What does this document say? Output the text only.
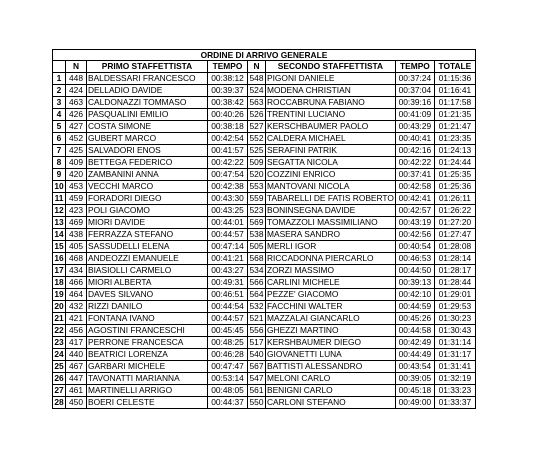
ORDINE DI ARRIVO GENERALE							
	N	PRIMO STAFFETTISTA	TEMPO	N	SECONDO STAFFETTISTA	TEMPO	TOTALE
1	448	BALDESSARI FRANCESCO	00:38:12	548	PIGONI DANIELE	00:37:24	01:15:36
2	424	DELLADIO DAVIDE	00:39:37	524	MODENA CHRISTIAN	00:37:04	01:16:41
3	463	CALDONAZZI TOMMASO	00:38:42	563	ROCCABRUNA FABIANO	00:39:16	01:17:58
4	426	PASQUALINI EMILIO	00:40:26	526	TRENTINI LUCIANO	00:41:09	01:21:35
5	427	COSTA SIMONE	00:38:18	527	KERSCHBAUMER PAOLO	00:43:29	01:21:47
6	452	GUBERT MARCO	00:42:54	552	CALDERA MICHAEL	00:40:41	01:23:35
7	425	SALVADORI ENOS	00:41:57	525	SERAFINI PATRIK	00:42:16	01:24:13
8	409	BETTEGA FEDERICO	00:42:22	509	SEGATTA NICOLA	00:42:22	01:24:44
9	420	ZAMBANINI ANNA	00:47:54	520	COZZINI ENRICO	00:37:41	01:25:35
10	453	VECCHI MARCO	00:42:38	553	MANTOVANI NICOLA	00:42:58	01:25:36
11	459	FORADORI DIEGO	00:43:30	559	TABARELLI DE FATIS ROBERTO	00:42:41	01:26:11
12	423	POLI GIACOMO	00:43:25	523	BONINSEGNA DAVIDE	00:42:57	01:26:22
13	469	MIORI DAVIDE	00:44:01	569	TOMAZZOLI MASSIMILIANO	00:43:19	01:27:20
14	438	FERRAZZA STEFANO	00:44:57	538	MASERA SANDRO	00:42:56	01:27:47
15	405	SASSUDELLI ELENA	00:47:14	505	MERLI IGOR	00:40:54	01:28:08
16	468	ANDEOZZI EMANUELE	00:41:21	568	RICCADONNA PIERCARLO	00:46:53	01:28:14
17	434	BIASIOLLI CARMELO	00:43:27	534	ZORZI MASSIMO	00:44:50	01:28:17
18	466	MIORI ALBERTA	00:49:31	566	CARLINI MICHELE	00:39:13	01:28:44
19	464	DAVES SILVANO	00:46:51	564	PEZZE' GIACOMO	00:42:10	01:29:01
20	432	RIZZI DANILO	00:44:54	532	FACCHINI WALTER	00:44:59	01:29:53
21	421	FONTANA IVANO	00:44:57	521	MAZZALAI GIANCARLO	00:45:26	01:30:23
22	456	AGOSTINI FRANCESCHI	00:45:45	556	GHEZZI MARTINO	00:44:58	01:30:43
23	417	PERRONE FRANCESCA	00:48:25	517	KERSHBAUMER DIEGO	00:42:49	01:31:14
24	440	BEATRICI LORENZA	00:46:28	540	GIOVANETTI LUNA	00:44:49	01:31:17
25	467	GARBARI MICHELE	00:47:47	567	BATTISTI ALESSANDRO	00:43:54	01:31:41
26	447	TAVONATTI MARIANNA	00:53:14	547	MELONI CARLO	00:39:05	01:32:19
27	461	MARTINELLI ARRIGO	00:48:05	561	BENIGNI CARLO	00:45:18	01:33:23
28	450	BOERI CELESTE	00:44:37	550	CARLONI STEFANO	00:49:00	01:33:37
